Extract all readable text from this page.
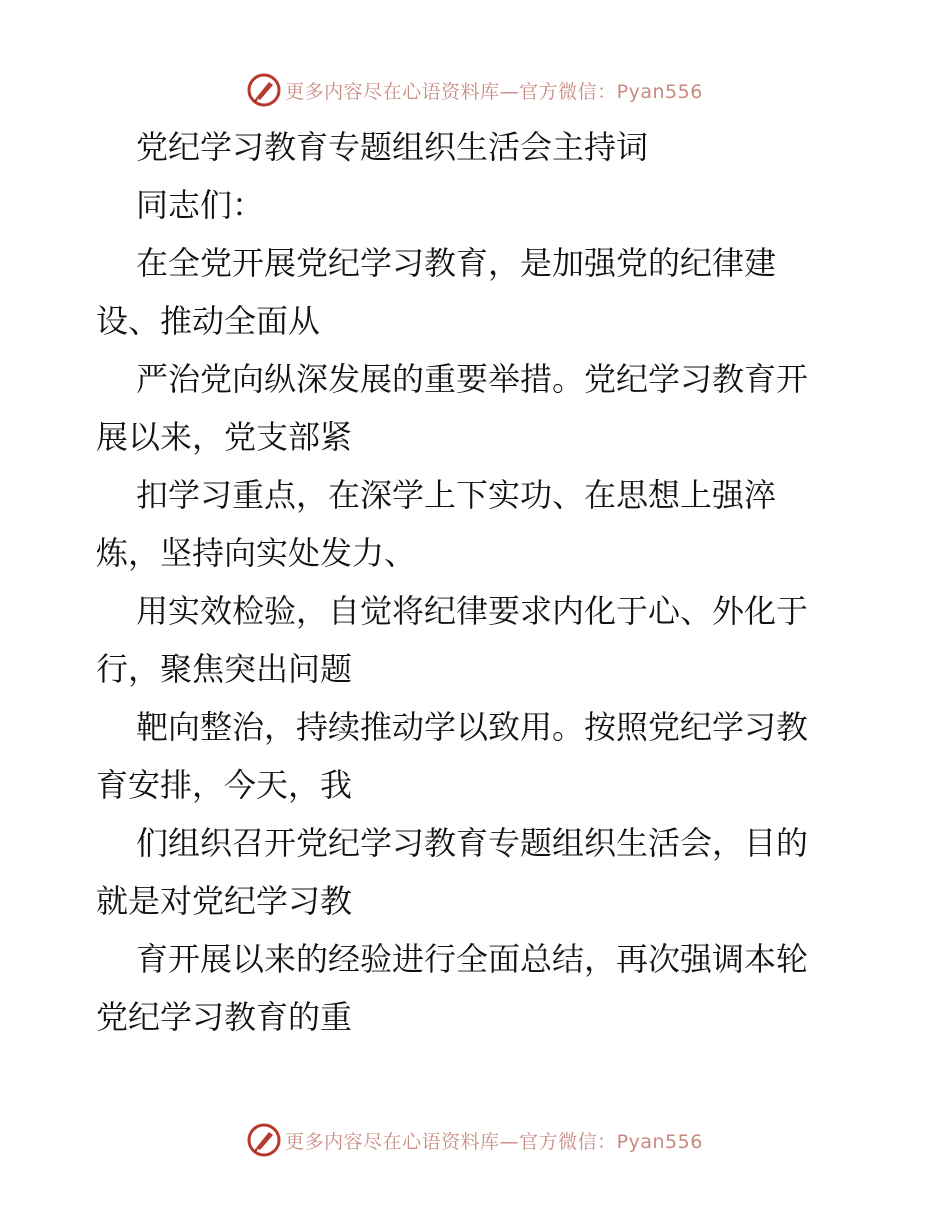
更多内容尽在心语资料库—官方微信：Pyan556
党纪学习教育专题组织生活会主持词
同志们：
在全党开展党纪学习教育，是加强党的纪律建
设、推动全面从
严治党向纵深发展的重要举措。党纪学习教育开
展以来，党支部紧
扣学习重点，在深学上下实功、在思想上强淬
炼，坚持向实处发力、
用实效检验，自觉将纪律要求内化于心、外化于
行，聚焦突出问题
靶向整治，持续推动学以致用。按照党纪学习教
育安排，今天，我
们组织召开党纪学习教育专题组织生活会，目的
就是对党纪学习教
育开展以来的经验进行全面总结，再次强调本轮
党纪学习教育的重
更多内容尽在心语资料库—官方微信：Pyan556
